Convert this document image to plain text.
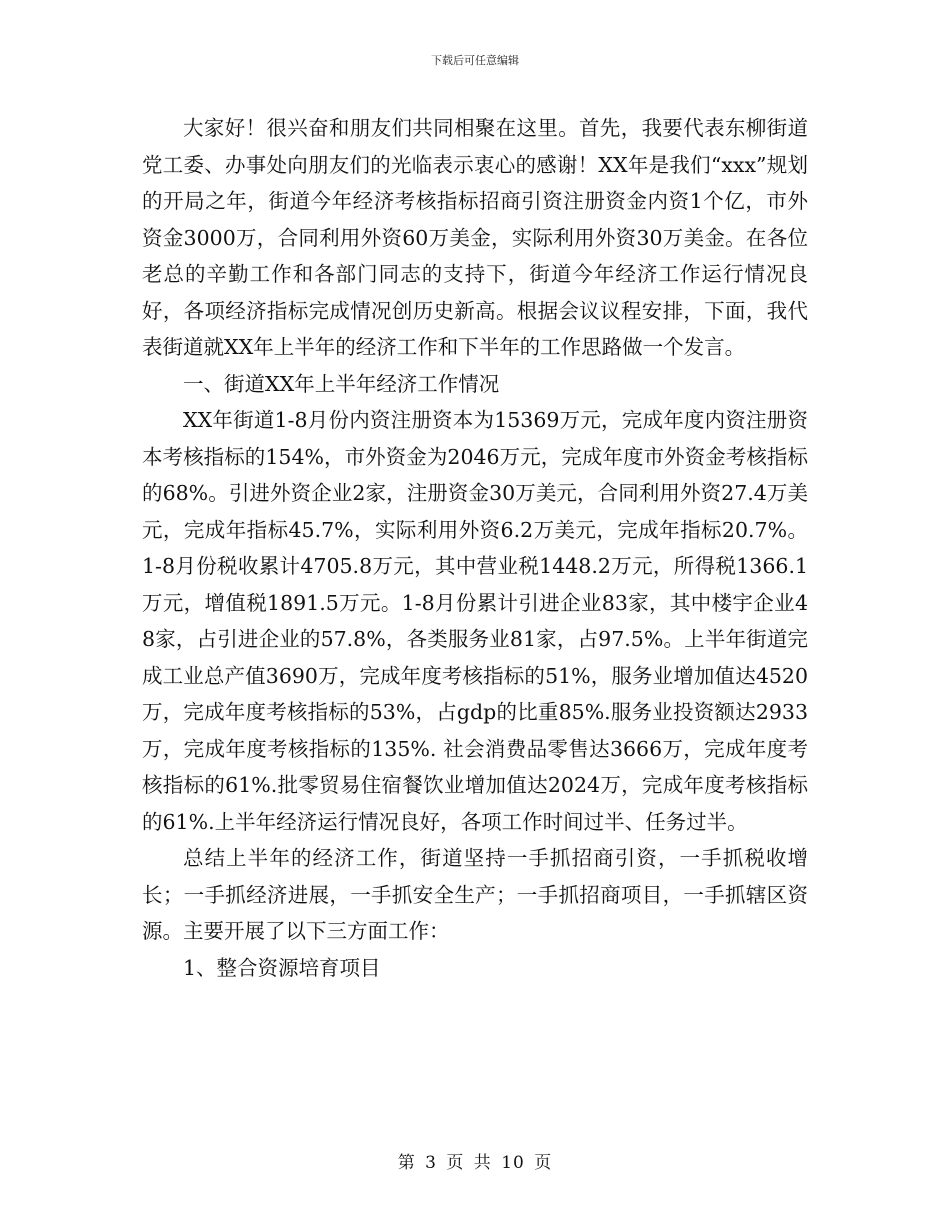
下载后可任意编辑

大家好！很兴奋和朋友们共同相聚在这里。首先，我要代表东柳街道党工委、办事处向朋友们的光临表示衷心的感谢！XX年是我们“xxx”规划的开局之年，街道今年经济考核指标招商引资注册资金内资1个亿，市外资金3000万，合同利用外资60万美金，实际利用外资30万美金。在各位老总的辛勤工作和各部门同志的支持下，街道今年经济工作运行情况良好，各项经济指标完成情况创历史新高。根据会议议程安排，下面，我代表街道就XX年上半年的经济工作和下半年的工作思路做一个发言。

一、街道XX年上半年经济工作情况

XX年街道1-8月份内资注册资本为15369万元，完成年度内资注册资本考核指标的154%，市外资金为2046万元，完成年度市外资金考核指标的68%。引进外资企业2家，注册资金30万美元，合同利用外资27.4万美元，完成年指标45.7%，实际利用外资6.2万美元，完成年指标20.7%。1-8月份税收累计4705.8万元，其中营业税1448.2万元，所得税1366.1万元，增值税1891.5万元。1-8月份累计引进企业83家，其中楼宇企业48家，占引进企业的57.8%，各类服务业81家，占97.5%。上半年街道完成工业总产值3690万，完成年度考核指标的51%，服务业增加值达4520万，完成年度考核指标的53%，占gdp的比重85%.服务业投资额达2933万，完成年度考核指标的135%. 社会消费品零售达3666万，完成年度考核指标的61%.批零贸易住宿餐饮业增加值达2024万，完成年度考核指标的61%.上半年经济运行情况良好，各项工作时间过半、任务过半。

总结上半年的经济工作，街道坚持一手抓招商引资，一手抓税收增长；一手抓经济进展，一手抓安全生产；一手抓招商项目，一手抓辖区资源。主要开展了以下三方面工作：

1、整合资源培育项目

第 3 页 共 10 页
